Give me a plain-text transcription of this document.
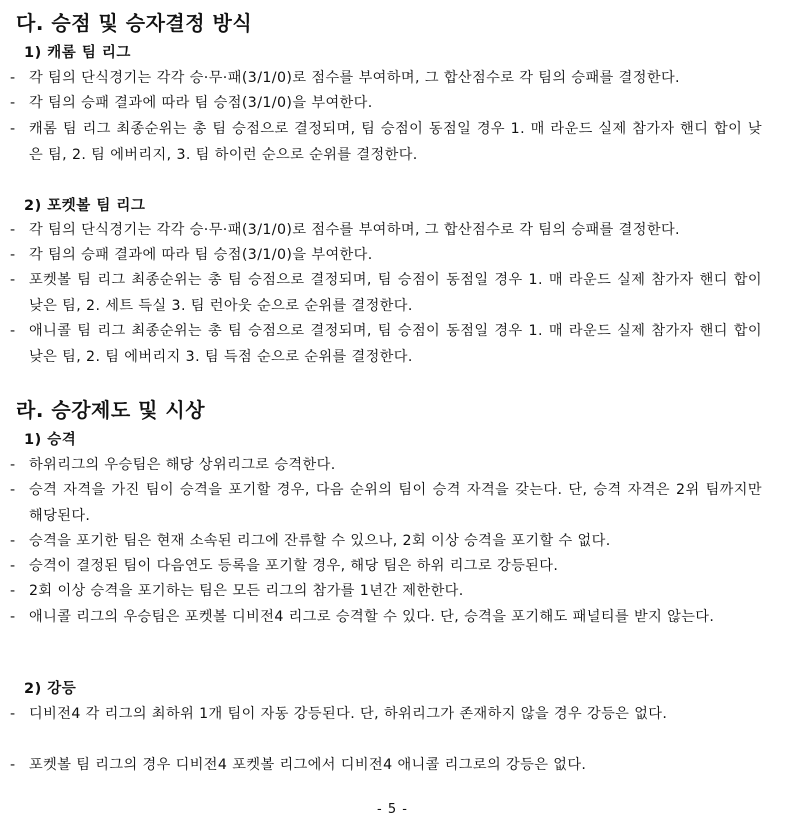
다. 승점 및 승자결정 방식
1) 캐롬 팀 리그
- 각 팀의 단식경기는 각각 승·무·패(3/1/0)로 점수를 부여하며, 그 합산점수로 각 팀의 승패를 결정한다.
- 각 팀의 승패 결과에 따라 팀 승점(3/1/0)을 부여한다.
- 캐롬 팀 리그 최종순위는 총 팀 승점으로 결정되며, 팀 승점이 동점일 경우 1. 매 라운드 실제 참가자 핸디 합이 낮은 팀, 2. 팀 에버리지, 3. 팀 하이런 순으로 순위를 결정한다.
2) 포켓볼 팀 리그
- 각 팀의 단식경기는 각각 승·무·패(3/1/0)로 점수를 부여하며, 그 합산점수로 각 팀의 승패를 결정한다.
- 각 팀의 승패 결과에 따라 팀 승점(3/1/0)을 부여한다.
- 포켓볼 팀 리그 최종순위는 총 팀 승점으로 결정되며, 팀 승점이 동점일 경우 1. 매 라운드 실제 참가자 핸디 합이 낮은 팀, 2. 세트 득실 3. 팀 런아웃 순으로 순위를 결정한다.
- 애니콜 팀 리그 최종순위는 총 팀 승점으로 결정되며, 팀 승점이 동점일 경우 1. 매 라운드 실제 참가자 핸디 합이 낮은 팀, 2. 팀 에버리지 3. 팀 득점 순으로 순위를 결정한다.
라. 승강제도 및 시상
1) 승격
- 하위리그의 우승팀은 해당 상위리그로 승격한다.
- 승격 자격을 가진 팀이 승격을 포기할 경우, 다음 순위의 팀이 승격 자격을 갖는다. 단, 승격 자격은 2위 팀까지만 해당된다.
- 승격을 포기한 팀은 현재 소속된 리그에 잔류할 수 있으나, 2회 이상 승격을 포기할 수 없다.
- 승격이 결정된 팀이 다음연도 등록을 포기할 경우, 해당 팀은 하위 리그로 강등된다.
- 2회 이상 승격을 포기하는 팀은 모든 리그의 참가를 1년간 제한한다.
- 애니콜 리그의 우승팀은 포켓볼 디비전4 리그로 승격할 수 있다. 단, 승격을 포기해도 패널티를 받지 않는다.
2) 강등
- 디비전4 각 리그의 최하위 1개 팀이 자동 강등된다. 단, 하위리그가 존재하지 않을 경우 강등은 없다.
- 포켓볼 팀 리그의 경우 디비전4 포켓볼 리그에서 디비전4 애니콜 리그로의 강등은 없다.
- 5 -
